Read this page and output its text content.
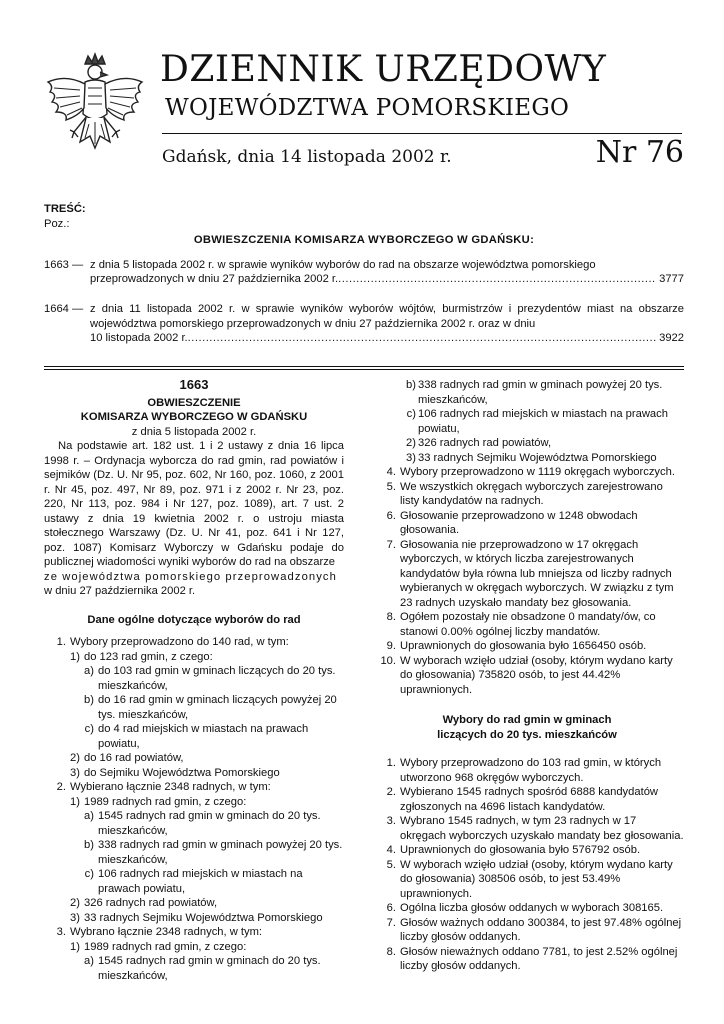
DZIENNIK URZĘDOWY
WOJEWÓDZTWA POMORSKIEGO
Gdańsk, dnia 14 listopada 2002 r.	Nr 76
TREŚĆ:
Poz.:
OBWIESZCZENIA KOMISARZA WYBORCZEGO W GDAŃSKU:
1663 — z dnia 5 listopada 2002 r. w sprawie wyników wyborów do rad na obszarze województwa pomorskiego
przeprowadzonych w dniu 27 października 2002 r. .....	3777
1664 — z dnia 11 listopada 2002 r. w sprawie wyników wyborów wójtów, burmistrzów i prezydentów miast na obszarze województwa pomorskiego przeprowadzonych w dniu 27 października 2002 r. oraz w dniu
10 listopada 2002 r. .....	3922
1663
OBWIESZCZENIE
KOMISARZA WYBORCZEGO W GDAŃSKU
z dnia 5 listopada 2002 r.
Na podstawie art. 182 ust. 1 i 2 ustawy z dnia 16 lipca 1998 r. – Ordynacja wyborcza do rad gmin, rad powiatów i sejmików (Dz. U. Nr 95, poz. 602, Nr 160, poz. 1060, z 2001 r. Nr 45, poz. 497, Nr 89, poz. 971 i z 2002 r. Nr 23, poz. 220, Nr 113, poz. 984 i Nr 127, poz. 1089), art. 7 ust. 2 ustawy z dnia 19 kwietnia 2002 r. o ustroju miasta stołecznego Warszawy (Dz. U. Nr 41, poz. 641 i Nr 127, poz. 1087) Komisarz Wyborczy w Gdańsku podaje do publicznej wiadomości wyniki wyborów do rad na obszarze
ze województwa pomorskiego przeprowadzonych
w dniu 27 października 2002 r.
Dane ogólne dotyczące wyborów do rad
1. Wybory przeprowadzono do 140 rad, w tym:
1) do 123 rad gmin, z czego:
a) do 103 rad gmin w gminach liczących do 20 tys. mieszkańców,
b) do 16 rad gmin w gminach liczących powyżej 20 tys. mieszkańców,
c) do 4 rad miejskich w miastach na prawach powiatu,
2) do 16 rad powiatów,
3) do Sejmiku Województwa Pomorskiego
2. Wybierano łącznie 2348 radnych, w tym:
1) 1989 radnych rad gmin, z czego:
a) 1545 radnych rad gmin w gminach do 20 tys. mieszkańców,
b) 338 radnych rad gmin w gminach powyżej 20 tys. mieszkańców,
c) 106 radnych rad miejskich w miastach na prawach powiatu,
2) 326 radnych rad powiatów,
3) 33 radnych Sejmiku Województwa Pomorskiego
3. Wybrano łącznie 2348 radnych, w tym:
1) 1989 radnych rad gmin, z czego:
a) 1545 radnych rad gmin w gminach do 20 tys. mieszkańców,
b) 338 radnych rad gmin w gminach powyżej 20 tys. mieszkańców,
c) 106 radnych rad miejskich w miastach na prawach powiatu,
2) 326 radnych rad powiatów,
3) 33 radnych Sejmiku Województwa Pomorskiego
4. Wybory przeprowadzono w 1119 okręgach wyborczych.
5. We wszystkich okręgach wyborczych zarejestrowano listy kandydatów na radnych.
6. Głosowanie przeprowadzono w 1248 obwodach głosowania.
7. Głosowania nie przeprowadzono w 17 okręgach wyborczych, w których liczba zarejestrowanych kandydatów była równa lub mniejsza od liczby radnych wybieranych w okręgach wyborczych. W związku z tym 23 radnych uzyskało mandaty bez głosowania.
8. Ogółem pozostały nie obsadzone 0 mandaty/ów, co stanowi 0.00% ogólnej liczby mandatów.
9. Uprawnionych do głosowania było 1656450 osób.
10. W wyborach wzięło udział (osoby, którym wydano karty do głosowania) 735820 osób, to jest 44.42% uprawnionych.
Wybory do rad gmin w gminach
liczących do 20 tys. mieszkańców
1. Wybory przeprowadzono do 103 rad gmin, w których utworzono 968 okręgów wyborczych.
2. Wybierano 1545 radnych spośród 6888 kandydatów zgłoszonych na 4696 listach kandydatów.
3. Wybrano 1545 radnych, w tym 23 radnych w 17 okręgach wyborczych uzyskało mandaty bez głosowania.
4. Uprawnionych do głosowania było 576792 osób.
5. W wyborach wzięło udział (osoby, którym wydano karty do głosowania) 308506 osób, to jest 53.49% uprawnionych.
6. Ogólna liczba głosów oddanych w wyborach 308165.
7. Głosów ważnych oddano 300384, to jest 97.48% ogólnej liczby głosów oddanych.
8. Głosów nieważnych oddano 7781, to jest 2.52% ogólnej liczby głosów oddanych.
